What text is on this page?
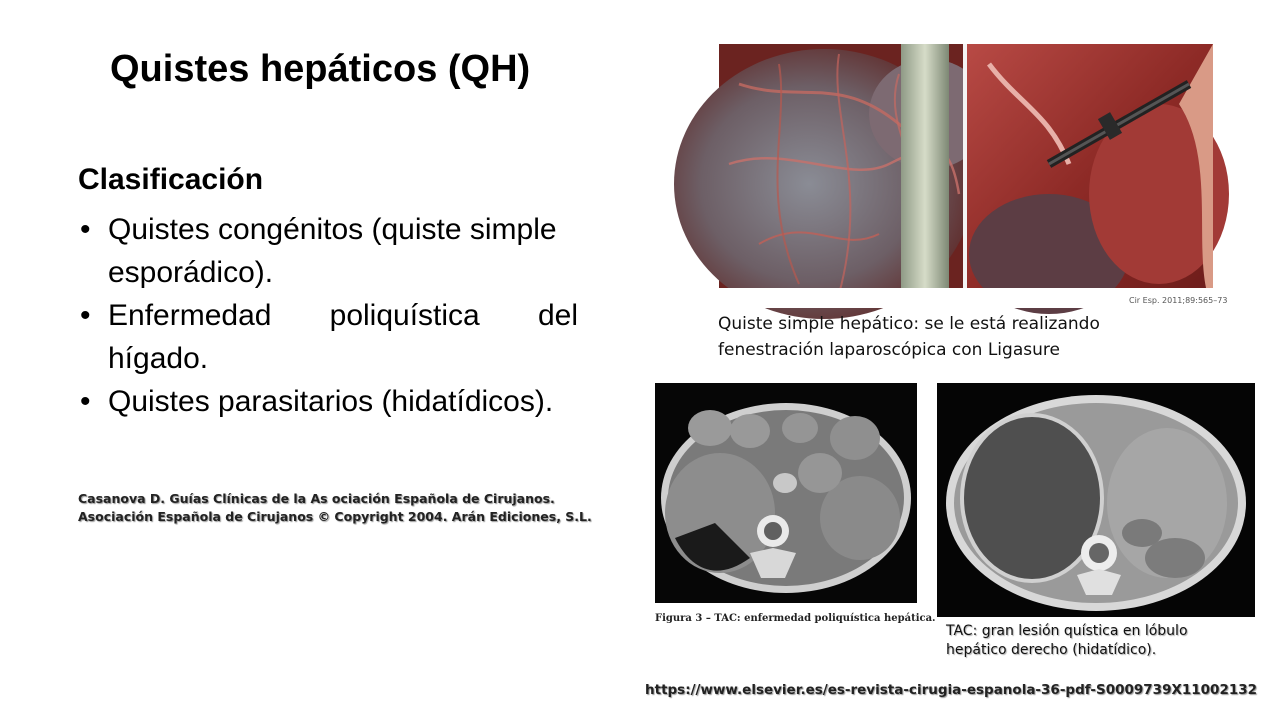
Quistes hepáticos (QH)
Clasificación
• Quistes congénitos (quiste simple esporádico).
• Enfermedad poliquística del hígado.
• Quistes parasitarios (hidatídicos).
Casanova D. Guías Clínicas de la As ociación Española de Cirujanos. Asociación Española de Cirujanos © Copyright 2004. Arán Ediciones, S.L.
Cir Esp. 2011;89:565–73
Quiste simple hepático: se le está realizando fenestración laparoscópica con Ligasure
Figura 3 – TAC: enfermedad poliquística hepática.
TAC: gran lesión quística en lóbulo hepático derecho (hidatídico).
https://www.elsevier.es/es-revista-cirugia-espanola-36-pdf-S0009739X11002132
